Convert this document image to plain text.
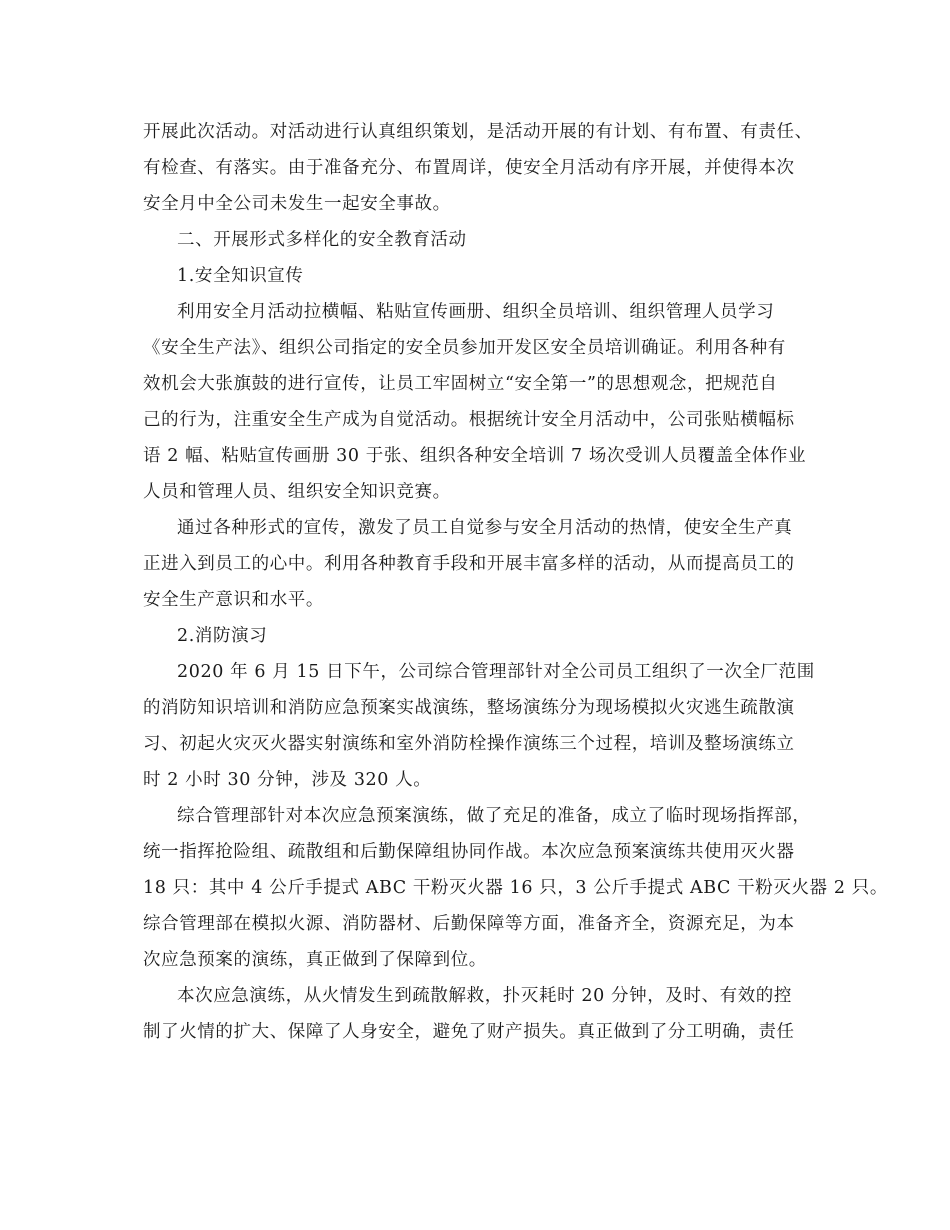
开展此次活动。对活动进行认真组织策划，是活动开展的有计划、有布置、有责任、
有检查、有落实。由于准备充分、布置周详，使安全月活动有序开展，并使得本次
安全月中全公司未发生一起安全事故。
二、开展形式多样化的安全教育活动
1.安全知识宣传
利用安全月活动拉横幅、粘贴宣传画册、组织全员培训、组织管理人员学习
《安全生产法》、组织公司指定的安全员参加开发区安全员培训确证。利用各种有
效机会大张旗鼓的进行宣传，让员工牢固树立“安全第一”的思想观念，把规范自
己的行为，注重安全生产成为自觉活动。根据统计安全月活动中，公司张贴横幅标
语 2 幅、粘贴宣传画册 30 于张、组织各种安全培训 7 场次受训人员覆盖全体作业
人员和管理人员、组织安全知识竞赛。
通过各种形式的宣传，激发了员工自觉参与安全月活动的热情，使安全生产真
正进入到员工的心中。利用各种教育手段和开展丰富多样的活动，从而提高员工的
安全生产意识和水平。
2.消防演习
2020 年 6 月 15 日下午，公司综合管理部针对全公司员工组织了一次全厂范围
的消防知识培训和消防应急预案实战演练，整场演练分为现场模拟火灾逃生疏散演
习、初起火灾灭火器实射演练和室外消防栓操作演练三个过程，培训及整场演练立
时 2 小时 30 分钟，涉及 320 人。
综合管理部针对本次应急预案演练，做了充足的准备，成立了临时现场指挥部，
统一指挥抢险组、疏散组和后勤保障组协同作战。本次应急预案演练共使用灭火器
18 只：其中 4 公斤手提式 ABC 干粉灭火器 16 只，3 公斤手提式 ABC 干粉灭火器 2 只。
综合管理部在模拟火源、消防器材、后勤保障等方面，准备齐全，资源充足，为本
次应急预案的演练，真正做到了保障到位。
本次应急演练，从火情发生到疏散解救，扑灭耗时 20 分钟，及时、有效的控
制了火情的扩大、保障了人身安全，避免了财产损失。真正做到了分工明确，责任
